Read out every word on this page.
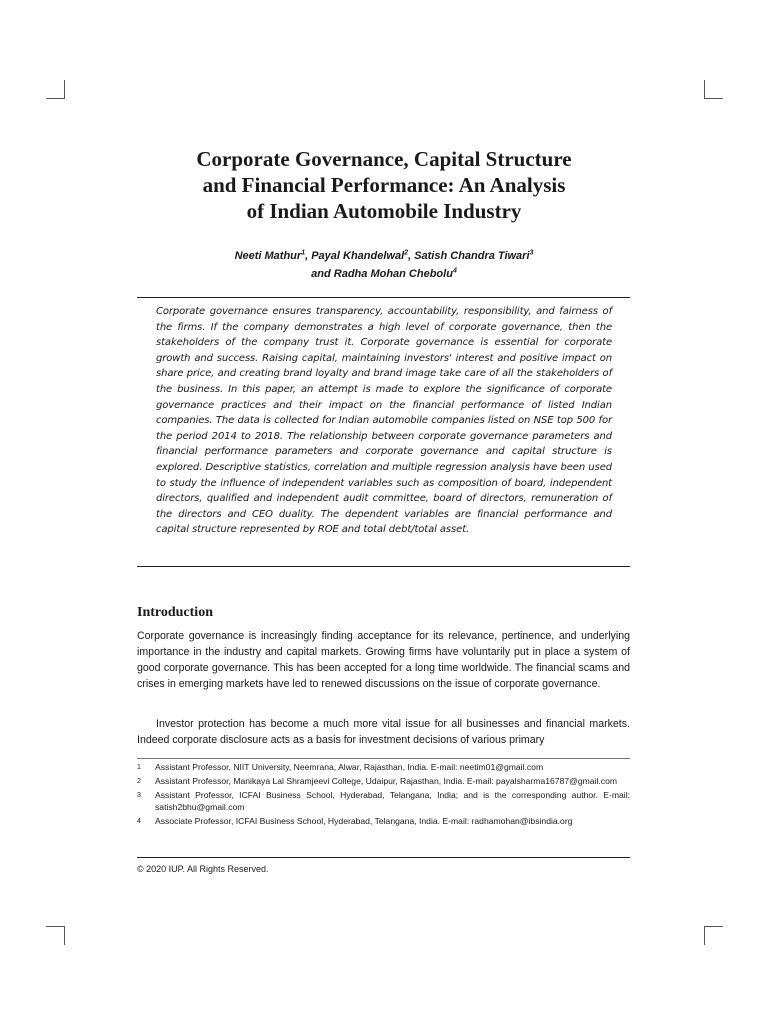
Corporate Governance, Capital Structure
and Financial Performance: An Analysis
of Indian Automobile Industry
Neeti Mathur$^1$, Payal Khandelwal$^2$, Satish Chandra Tiwari$^3$
and Radha Mohan Chebolu$^4$

Corporate governance ensures transparency, accountability, responsibility, and fairness of the firms. If the company demonstrates a high level of corporate governance, then the stakeholders of the company trust it. Corporate governance is essential for corporate growth and success. Raising capital, maintaining investors' interest and positive impact on share price, and creating brand loyalty and brand image take care of all the stakeholders of the business. In this paper, an attempt is made to explore the significance of corporate governance practices and their impact on the financial performance of listed Indian companies. The data is collected for Indian automobile companies listed on NSE top 500 for the period 2014 to 2018. The relationship between corporate governance parameters and financial performance parameters and corporate governance and capital structure is explored. Descriptive statistics, correlation and multiple regression analysis have been used to study the influence of independent variables such as composition of board, independent directors, qualified and independent audit committee, board of directors, remuneration of the directors and CEO duality. The dependent variables are financial performance and capital structure represented by ROE and total debt/total asset.

Introduction

Corporate governance is increasingly finding acceptance for its relevance, pertinence, and underlying importance in the industry and capital markets. Growing firms have voluntarily put in place a system of good corporate governance. This has been accepted for a long time worldwide. The financial scams and crises in emerging markets have led to renewed discussions on the issue of corporate governance.

Investor protection has become a much more vital issue for all businesses and financial markets. Indeed corporate disclosure acts as a basis for investment decisions of various primary

1	Assistant Professor, NIIT University, Neemrana, Alwar, Rajasthan, India. E-mail: neetim01@gmail.com
2	Assistant Professor, Manikaya Lal Shramjeevi College, Udaipur, Rajasthan, India. E-mail: payalsharma16787@gmail.com
3	Assistant Professor, ICFAI Business School, Hyderabad, Telangana, India; and is the corresponding author. E-mail: satish2bhu@gmail.com
4	Associate Professor, ICFAI Business School, Hyderabad, Telangana, India. E-mail: radhamohan@ibsindia.org
© 2020 IUP. All Rights Reserved.
